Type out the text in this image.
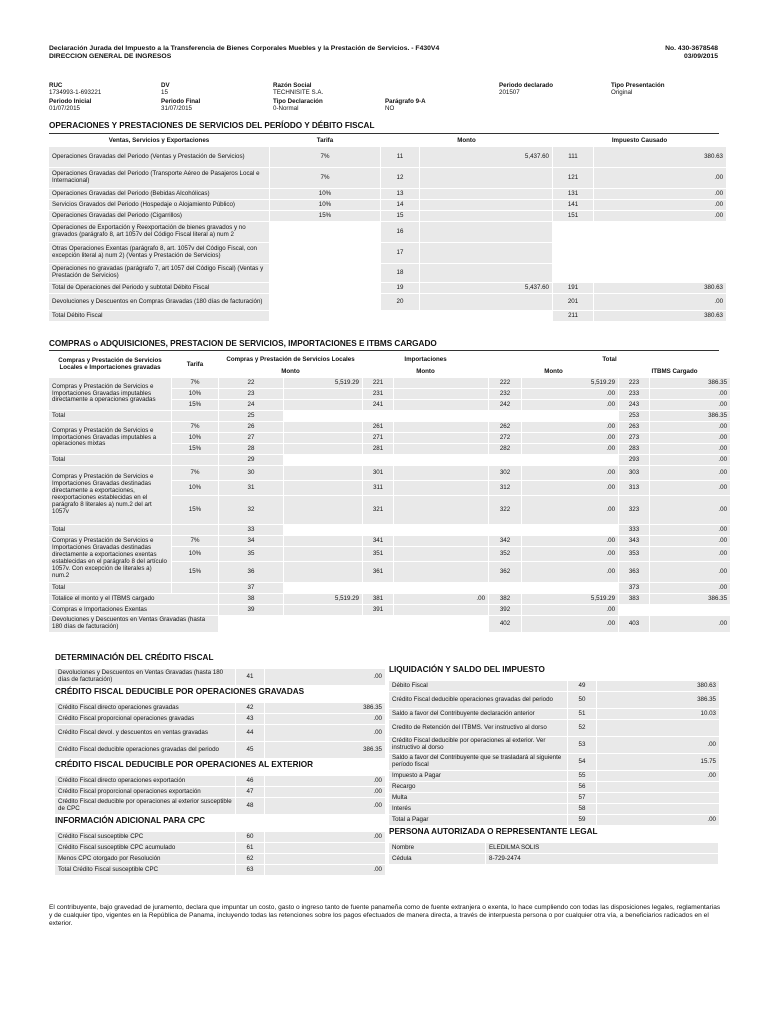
Declaración Jurada del Impuesto a la Transferencia de Bienes Corporales Muebles y la Prestación de Servicios. - F430V4
DIRECCION GENERAL DE INGRESOS
No. 430-3678548
03/09/2015
RUC
1734993-1-693221
DV
15
Razón Social
TECHNISITE S.A.
Periodo declarado
201507
Tipo Presentación
Original
Periodo Inicial
01/07/2015
Periodo Final
31/07/2015
Tipo Declaración
0-Normal
Parágrafo 9-A
NO
OPERACIONES Y PRESTACIONES DE SERVICIOS DEL PERÍODO Y DÉBITO FISCAL
Ventas, Servicios y Exportaciones	Tarifa	Monto		Impuesto Causado	
Operaciones Gravadas del Periodo (Ventas y Prestación de Servicios)	7%	11	5,437.60	111	380.63
Operaciones Gravadas del Periodo (Transporte Aéreo de Pasajeros Local e Internacional)	7%	12		121	.00
Operaciones Gravadas del Periodo (Bebidas Alcohólicas)	10%	13		131	.00
Servicios Gravados del Periodo (Hospedaje o Alojamiento Público)	10%	14		141	.00
Operaciones Gravadas del Periodo (Cigarrillos)	15%	15		151	.00
Operaciones de Exportación y Reexportación de bienes gravados y no gravados (parágrafo 8, art 1057v del Código Fiscal literal a) num 2		16			
Otras Operaciones Exentas (parágrafo 8, art. 1057v del Código Fiscal, con excepción literal a) num 2) (Ventas y Prestación de Servicios)		17			
Operaciones no gravadas (parágrafo 7, art 1057 del Código Fiscal) (Ventas y Prestación de Servicios)		18			
Total de Operaciones del Periodo y subtotal Débito Fiscal		19	5,437.60	191	380.63
Devoluciones y Descuentos en Compras Gravadas (180 días de facturación)		20		201	.00
Total Débito Fiscal				211	380.63
COMPRAS o ADQUISICIONES, PRESTACION DE SERVICIOS, IMPORTACIONES E ITBMS CARGADO
Compras y Prestación de Servicios Locales e Importaciones gravadas	Tarifa	Compras y Prestación de Servicios Locales		Importaciones		Total			
		Monto		Monto		Monto		ITBMS Cargado	
Compras y Prestación de Servicios e Importaciones Gravadas imputables directamente a operaciones gravadas	7%	22	5,519.29	221		222	5,519.29	223	386.35
	10%	23		231		232	.00	233	.00
	15%	24		241		242	.00	243	.00
Total		25						253	386.35
Compras y Prestación de Servicios e Importaciones Gravadas imputables a operaciones mixtas	7%	26		261		262	.00	263	.00
	10%	27		271		272	.00	273	.00
	15%	28		281		282	.00	283	.00
Total		29						293	.00
Compras y Prestación de Servicios e Importaciones Gravadas destinadas directamente a exportaciones, reexportaciones establecidas en el parágrafo 8 literales a) num.2 del art 1057v	7%	30		301		302	.00	303	.00
	10%	31		311		312	.00	313	.00
	15%	32		321		322	.00	323	.00
Total		33						333	.00
Compras y Prestación de Servicios e Importaciones Gravadas destinadas directamente a exportaciones exentas establecidas en el parágrafo 8 del artículo 1057v. Con excepción de literales a) num.2	7%	34		341		342	.00	343	.00
	10%	35		351		352	.00	353	.00
	15%	36		361		362	.00	363	.00
Total		37						373	.00
Totalice el monto y el ITBMS cargado		38	5,519.29	381	.00	382	5,519.29	383	386.35
Compras e Importaciones Exentas		39		391		392	.00		
Devoluciones y Descuentos en Ventas Gravadas (hasta 180 días de facturación)						402	.00	403	.00
DETERMINACIÓN DEL CRÉDITO FISCAL
Devoluciones y Descuentos en Ventas Gravadas (hasta 180 días de facturación)	41	.00
CRÉDITO FISCAL DEDUCIBLE POR OPERACIONES GRAVADAS
Crédito Fiscal directo operaciones gravadas	42	386.35
Crédito Fiscal proporcional operaciones gravadas	43	.00
Crédito Fiscal devol. y descuentos en ventas gravadas	44	.00
Crédito Fiscal deducible operaciones gravadas del periodo	45	386.35
CRÉDITO FISCAL DEDUCIBLE POR OPERACIONES AL EXTERIOR
Crédito Fiscal directo operaciones exportación	46	.00
Crédito Fiscal proporcional operaciones exportación	47	.00
Crédito Fiscal deducible por operaciones al exterior susceptible de CPC	48	.00
INFORMACIÓN ADICIONAL PARA CPC
Crédito Fiscal susceptible CPC	60	.00
Crédito Fiscal susceptible CPC acumulado	61	
Menos CPC otorgado por Resolución	62	
Total Crédito Fiscal susceptible CPC	63	.00
LIQUIDACIÓN Y SALDO DEL IMPUESTO
Débito Fiscal	49	380.63
Crédito Fiscal deducible operaciones gravadas del periodo	50	386.35
Saldo a favor del Contribuyente declaración anterior	51	10.03
Credito de Retención del ITBMS. Ver instructivo al dorso	52	
Crédito Fiscal deducible por operaciones al exterior. Ver instructivo al dorso	53	.00
Saldo a favor del Contribuyente que se trasladará al siguiente período fiscal	54	15.75
Impuesto a Pagar	55	.00
Recargo	56	
Multa	57	
Interés	58	
Total a Pagar	59	.00
PERSONA AUTORIZADA O REPRESENTANTE LEGAL
Nombre	ELEDILMA SOLIS
Cédula	8-729-2474
El contribuyente, bajo gravedad de juramento, declara que impuntar un costo, gasto o ingreso tanto de fuente panameña como de fuente extranjera o exenta, lo hace cumpliendo con todas las disposiciones legales, reglamentarias y de cualquier tipo, vigentes en la República de Panama, incluyendo todas las retenciones sobre los pagos efectuados de manera directa, a través de interpuesta persona o por cualquier otra vía, a beneficiarios radicados en el exterior.
